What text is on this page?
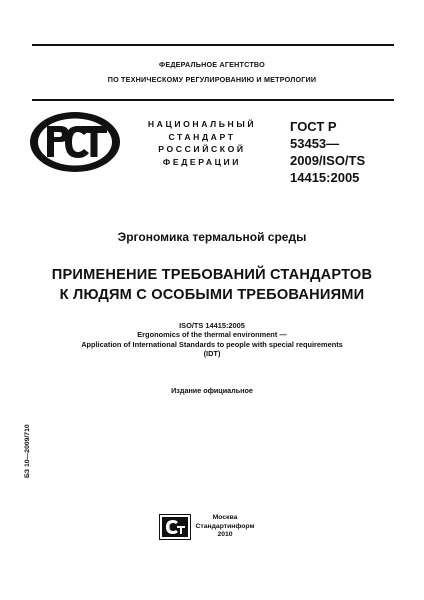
ФЕДЕРАЛЬНОЕ АГЕНТСТВО
ПО ТЕХНИЧЕСКОМУ РЕГУЛИРОВАНИЮ И МЕТРОЛОГИИ
РСТ
НАЦИОНАЛЬНЫЙ
СТАНДАРТ
РОССИЙСКОЙ
ФЕДЕРАЦИИ
ГОСТ Р
53453—
2009/ISO/TS
14415:2005
Эргономика термальной среды
ПРИМЕНЕНИЕ ТРЕБОВАНИЙ СТАНДАРТОВ
К ЛЮДЯМ С ОСОБЫМИ ТРЕБОВАНИЯМИ
ISO/TS 14415:2005
Ergonomics of the thermal environment —
Application of International Standards to people with special requirements
(IDT)
Издание официальное
БЗ 10—2009/710
Москва
Стандартинформ
2010
